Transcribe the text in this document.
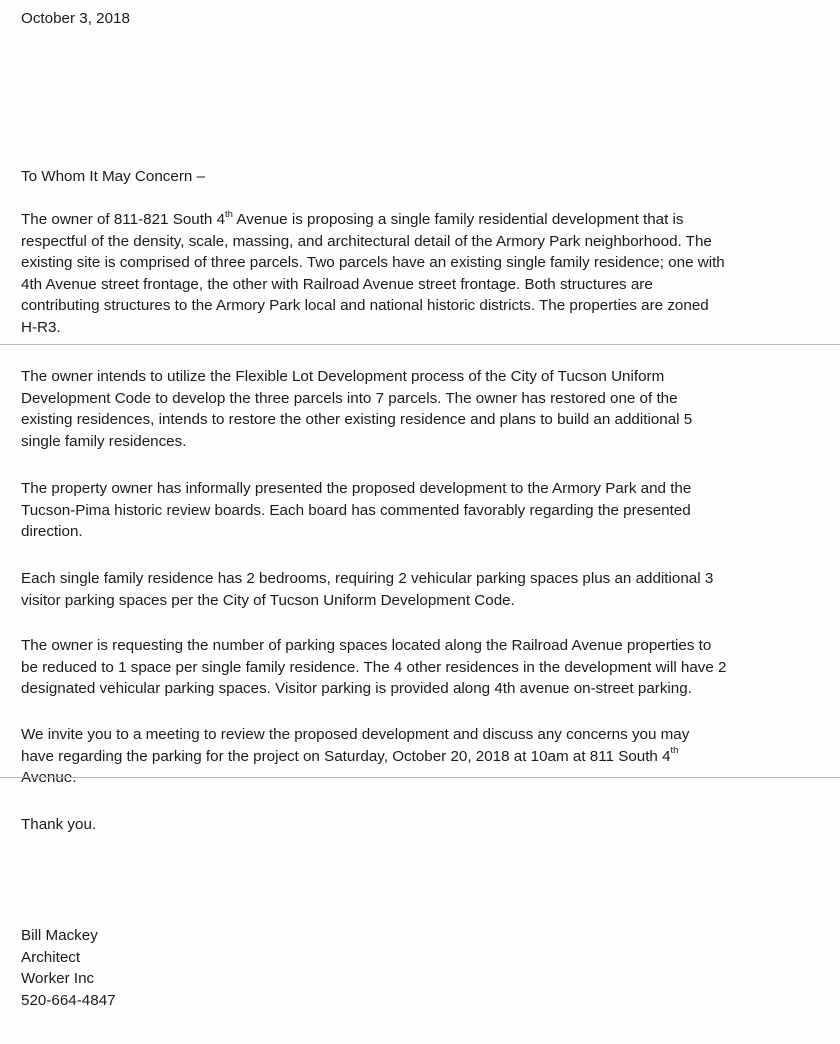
October 3, 2018

To Whom It May Concern –

The owner of 811-821 South 4th Avenue is proposing a single family residential development that is
respectful of the density, scale, massing, and architectural detail of the Armory Park neighborhood. The
existing site is comprised of three parcels. Two parcels have an existing single family residence; one with
4th Avenue street frontage, the other with Railroad Avenue street frontage. Both structures are
contributing structures to the Armory Park local and national historic districts. The properties are zoned
H-R3.
The owner intends to utilize the Flexible Lot Development process of the City of Tucson Uniform
Development Code to develop the three parcels into 7 parcels. The owner has restored one of the
existing residences, intends to restore the other existing residence and plans to build an additional 5
single family residences.
The property owner has informally presented the proposed development to the Armory Park and the
Tucson-Pima historic review boards. Each board has commented favorably regarding the presented
direction.
Each single family residence has 2 bedrooms, requiring 2 vehicular parking spaces plus an additional 3
visitor parking spaces per the City of Tucson Uniform Development Code.
The owner is requesting the number of parking spaces located along the Railroad Avenue properties to
be reduced to 1 space per single family residence. The 4 other residences in the development will have 2
designated vehicular parking spaces. Visitor parking is provided along 4th avenue on-street parking.
We invite you to a meeting to review the proposed development and discuss any concerns you may
have regarding the parking for the project on Saturday, October 20, 2018 at 10am at 811 South 4th
Avenue.

Thank you.

Bill Mackey
Architect
Worker Inc
520-664-4847
